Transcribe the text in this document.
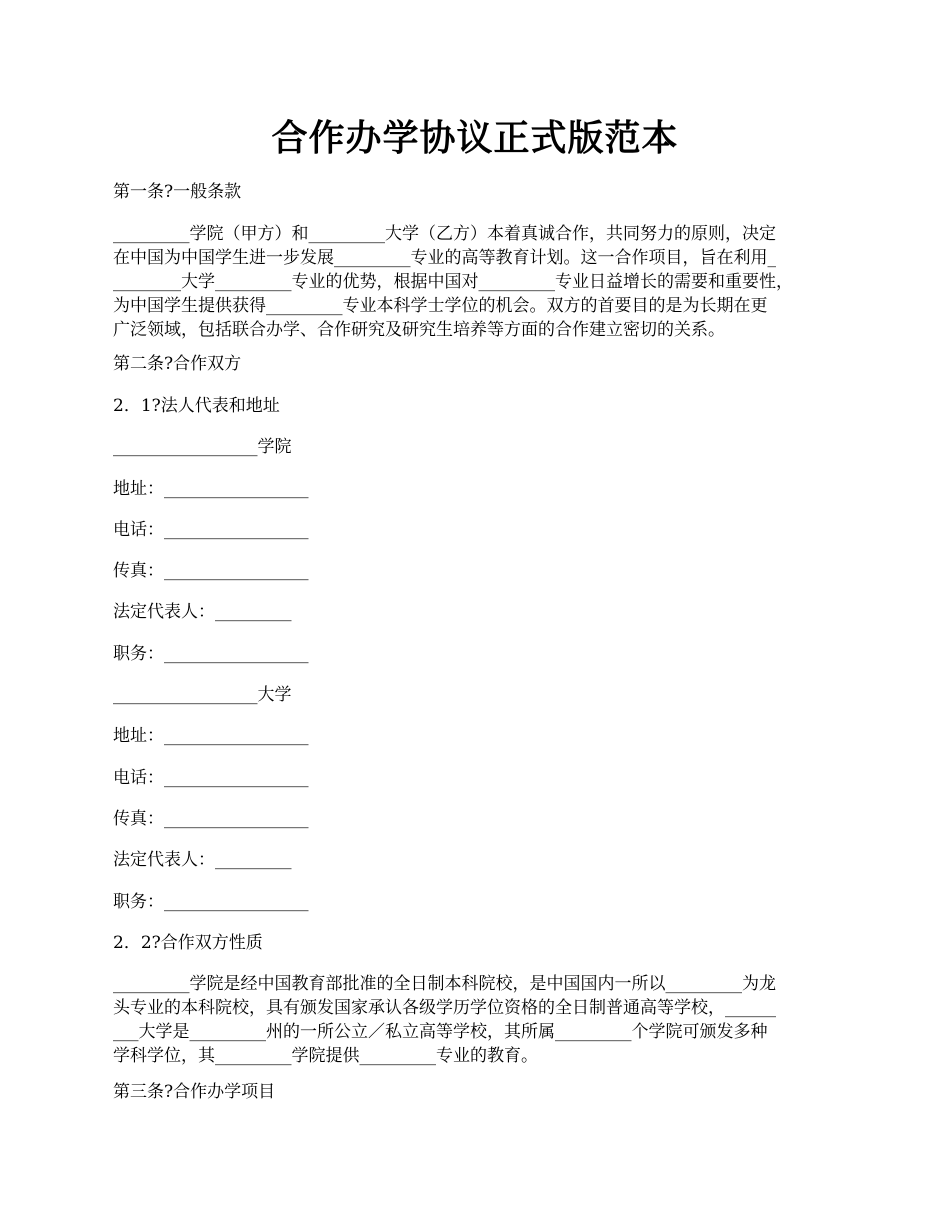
合作办学协议正式版范本
第一条?一般条款
_________学院（甲方）和_________大学（乙方）本着真诚合作，共同努力的原则，决定
在中国为中国学生进一步发展_________专业的高等教育计划。这一合作项目，旨在利用_
________大学_________专业的优势，根据中国对_________专业日益增长的需要和重要性，
为中国学生提供获得_________专业本科学士学位的机会。双方的首要目的是为长期在更
广泛领域，包括联合办学、合作研究及研究生培养等方面的合作建立密切的关系。
第二条?合作双方
2．1?法人代表和地址
_________________学院
地址：_________________
电话：_________________
传真：_________________
法定代表人：_________
职务：_________________
_________________大学
地址：_________________
电话：_________________
传真：_________________
法定代表人：_________
职务：_________________
2．2?合作双方性质
_________学院是经中国教育部批准的全日制本科院校，是中国国内一所以_________为龙
头专业的本科院校，具有颁发国家承认各级学历学位资格的全日制普通高等学校，______
___大学是_________州的一所公立／私立高等学校，其所属_________个学院可颁发多种
学科学位，其_________学院提供_________专业的教育。
第三条?合作办学项目
